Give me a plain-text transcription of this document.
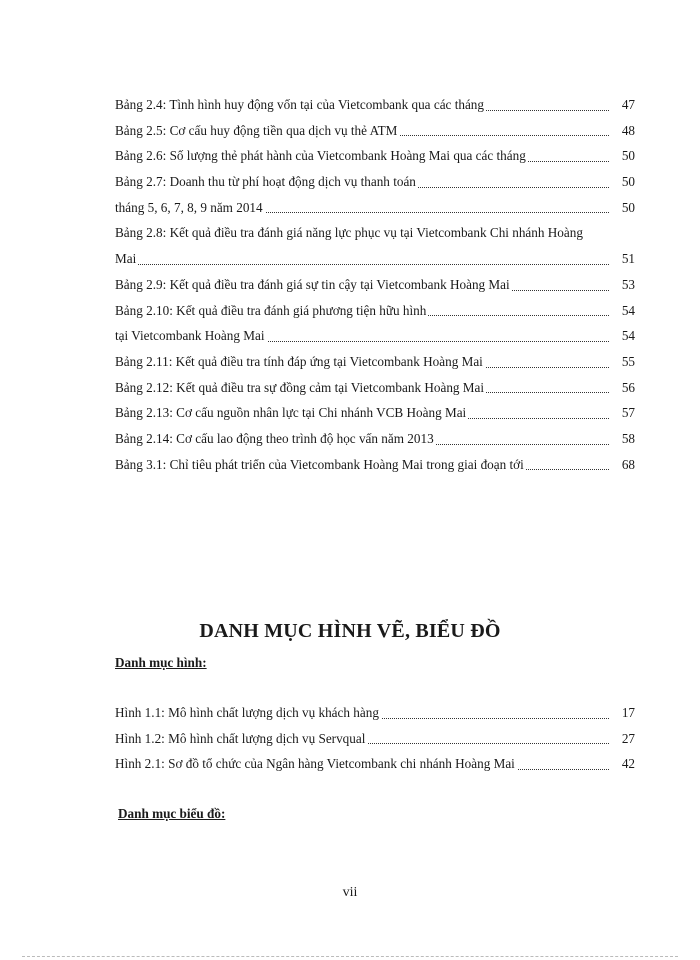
Bảng 2.4: Tình hình huy động vốn tại của Vietcombank qua các tháng	47
Bảng 2.5: Cơ cấu huy động tiền qua dịch vụ thẻ ATM	48
Bảng 2.6: Số lượng thẻ phát hành của Vietcombank Hoàng Mai qua các tháng	50
Bảng 2.7: Doanh thu từ phí hoạt động dịch vụ thanh toán	50
tháng 5, 6, 7, 8, 9 năm 2014	50
Bảng 2.8: Kết quả điều tra đánh giá năng lực phục vụ tại Vietcombank Chi nhánh Hoàng
Mai	51
Bảng 2.9: Kết quả điều tra đánh giá sự tin cậy tại Vietcombank Hoàng Mai	53
Bảng 2.10: Kết quả điều tra đánh giá phương tiện hữu hình	54
tại Vietcombank Hoàng Mai	54
Bảng 2.11: Kết quả điều tra tính đáp ứng tại Vietcombank Hoàng Mai	55
Bảng 2.12: Kết quả điều tra sự đồng cảm tại Vietcombank Hoàng Mai	56
Bảng 2.13: Cơ cấu nguồn nhân lực tại Chi nhánh VCB Hoàng Mai	57
Bảng 2.14: Cơ cấu lao động theo trình độ học vấn năm 2013	58
Bảng 3.1: Chỉ tiêu phát triển của Vietcombank Hoàng Mai trong giai đoạn tới	68
DANH MỤC HÌNH VẼ, BIỂU ĐỒ
Danh mục hình:
Hình 1.1: Mô hình chất lượng dịch vụ khách hàng	17
Hình 1.2: Mô hình chất lượng dịch vụ Servqual	27
Hình 2.1: Sơ đồ tổ chức của Ngân hàng Vietcombank chi nhánh Hoàng Mai	42
Danh mục biểu đồ:
vii
